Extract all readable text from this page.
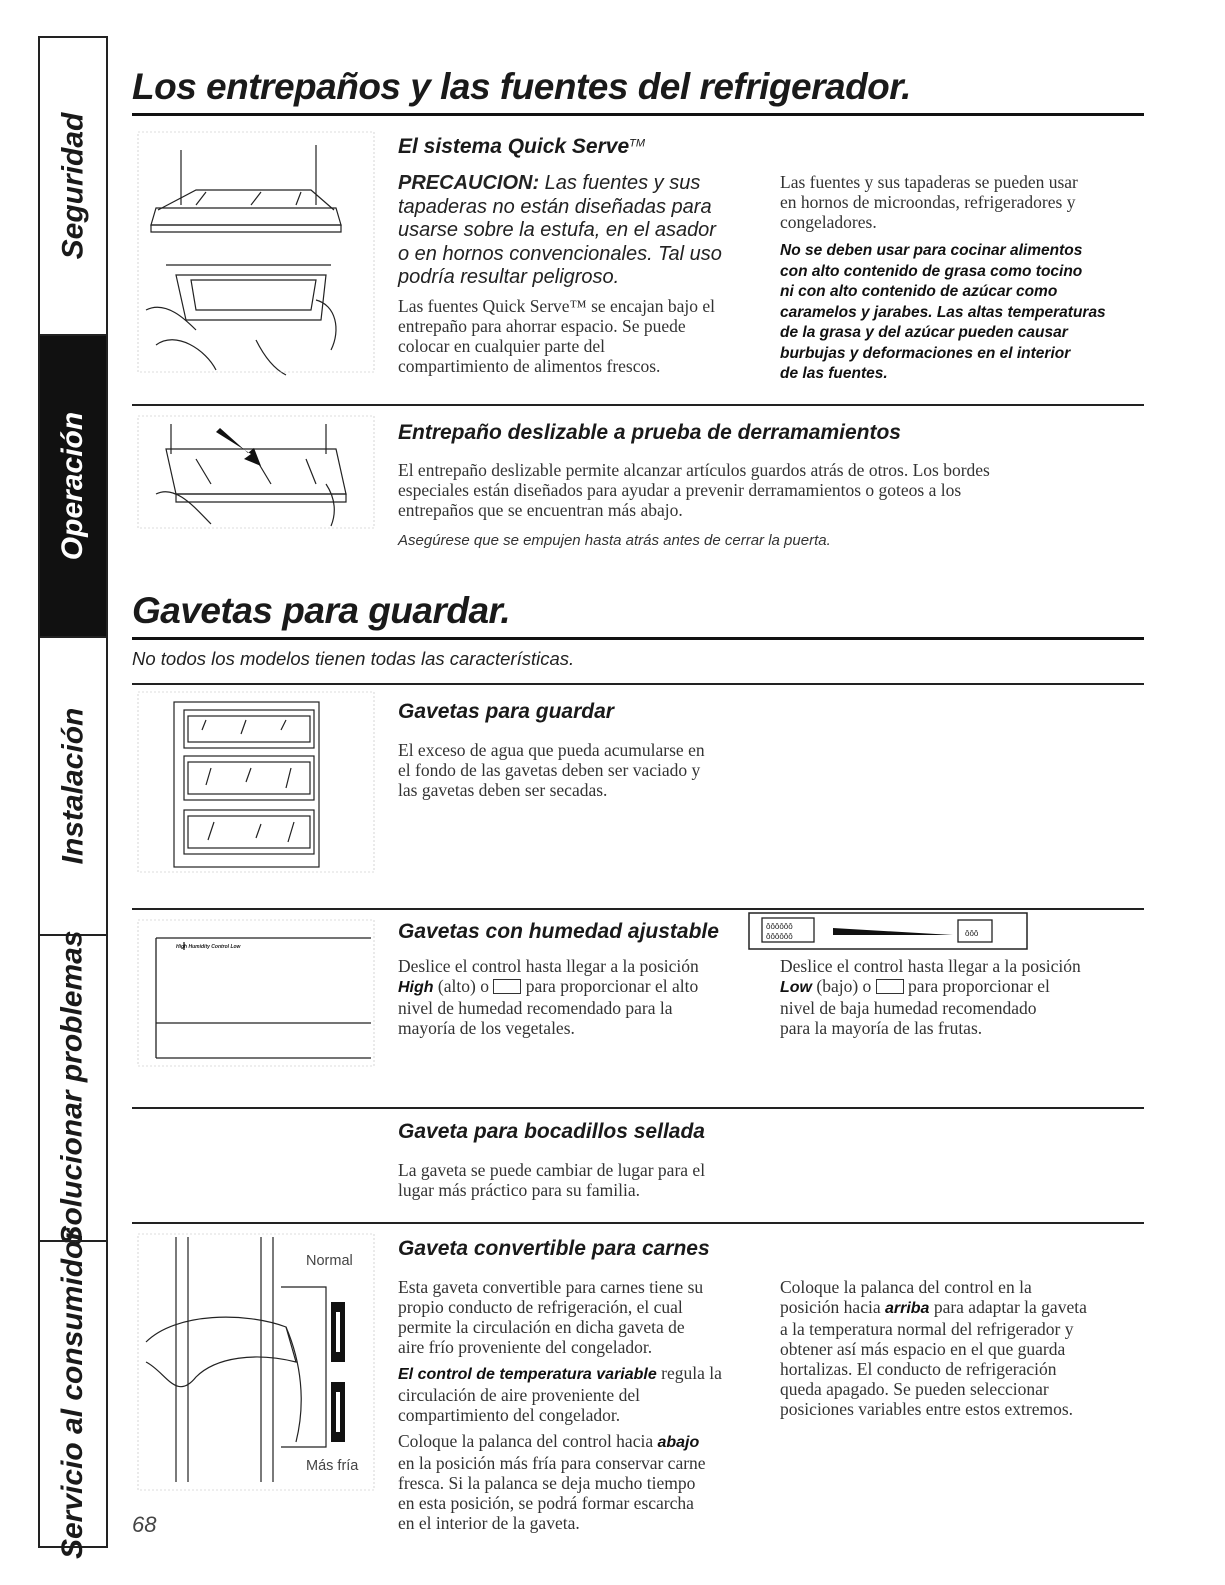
Seguridad
Operación
Instalación
Solucionar problemas
Servicio al consumidor
Los entrepaños y las fuentes del refrigerador.
El sistema Quick Serve™
PRECAUCION: Las fuentes y sus
tapaderas no están diseñadas para
usarse sobre la estufa, en el asador
o en hornos convencionales. Tal uso
podría resultar peligroso.
Las fuentes Quick Serve™ se encajan bajo el
entrepaño para ahorrar espacio. Se puede
colocar en cualquier parte del
compartimiento de alimentos frescos.
Las fuentes y sus tapaderas se pueden usar
en hornos de microondas, refrigeradores y
congeladores.
No se deben usar para cocinar alimentos
con alto contenido de grasa como tocino
ni con alto contenido de azúcar como
caramelos y jarabes. Las altas temperaturas
de la grasa y del azúcar pueden causar
burbujas y deformaciones en el interior
de las fuentes.
Entrepaño deslizable a prueba de derramamientos
El entrepaño deslizable permite alcanzar artículos guardos atrás de otros. Los bordes
especiales están diseñados para ayudar a prevenir derramamientos o goteos a los
entrepaños que se encuentran más abajo.
Asegúrese que se empujen hasta atrás antes de cerrar la puerta.
Gavetas para guardar.
No todos los modelos tienen todas las características.
Gavetas para guardar
El exceso de agua que pueda acumularse en
el fondo de las gavetas deben ser vaciado y
las gavetas deben ser secadas.
High Humidity Control Low
Gavetas con humedad ajustable	ôôôôôô
ôôôôôô	ôôô
Deslice el control hasta llegar a la posición
High (alto) o  para proporcionar el alto
nivel de humedad recomendado para la
mayoría de los vegetales.
Deslice el control hasta llegar a la posición
Low (bajo) o  para proporcionar el
nivel de baja humedad recomendado
para la mayoría de las frutas.
Gaveta para bocadillos sellada
La gaveta se puede cambiar de lugar para el
lugar más práctico para su familia.
Normal
Más fría
Gaveta convertible para carnes
Esta gaveta convertible para carnes tiene su
propio conducto de refrigeración, el cual
permite la circulación en dicha gaveta de
aire frío proveniente del congelador.
El control de temperatura variable regula la
circulación de aire proveniente del
compartimiento del congelador.
Coloque la palanca del control hacia abajo
en la posición más fría para conservar carne
fresca. Si la palanca se deja mucho tiempo
en esta posición, se podrá formar escarcha
en el interior de la gaveta.
Coloque la palanca del control en la
posición hacia arriba para adaptar la gaveta
a la temperatura normal del refrigerador y
obtener así más espacio en el que guarda
hortalizas. El conducto de refrigeración
queda apagado. Se pueden seleccionar
posiciones variables entre estos extremos.
68
